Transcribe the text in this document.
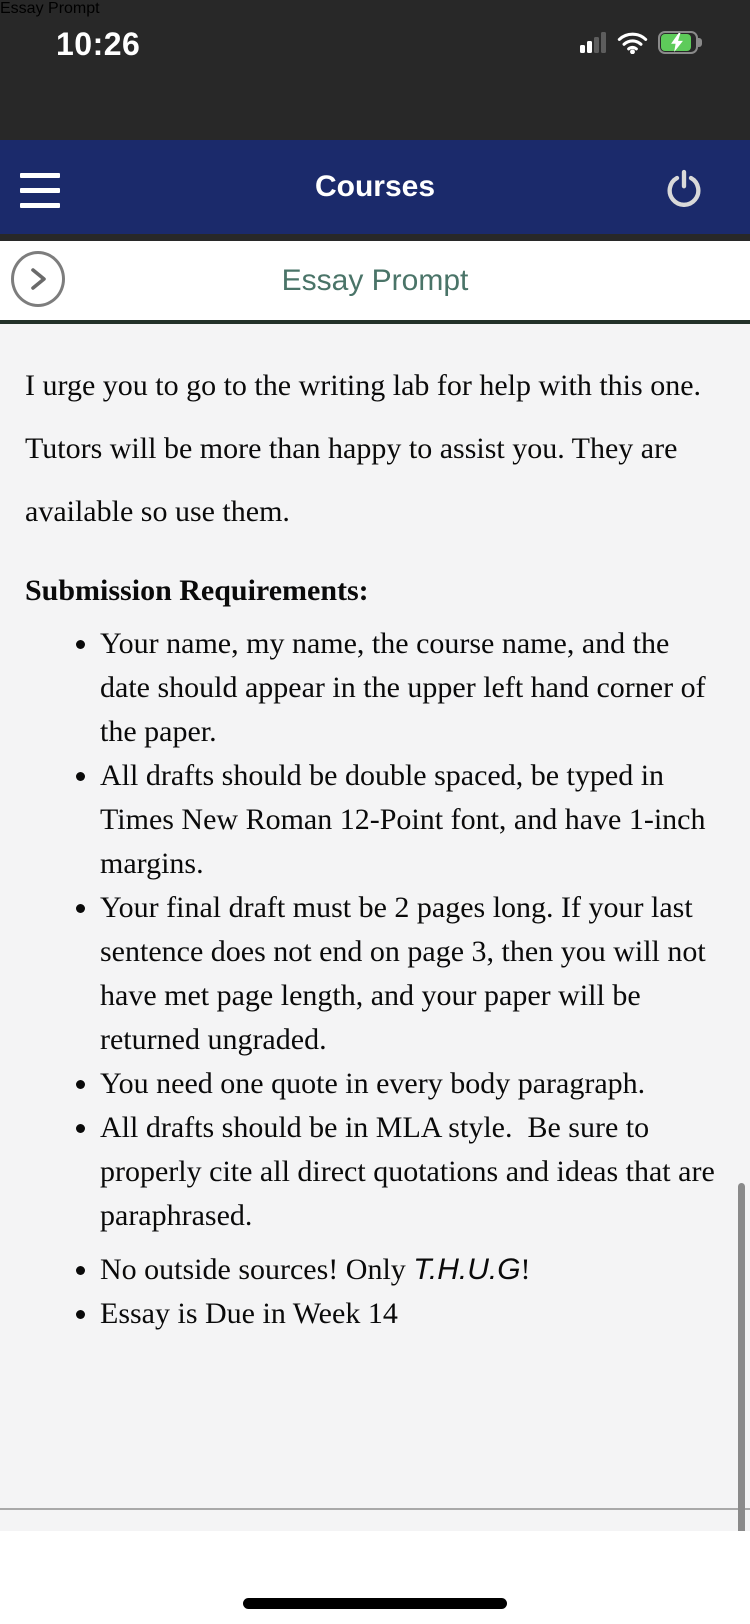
10:26
Essay Prompt
Courses
Essay Prompt

I urge you to go to the writing lab for help with this one. Tutors will be more than happy to assist you. They are available so use them.

Submission Requirements:

• Your name, my name, the course name, and the date should appear in the upper left hand corner of the paper.
• All drafts should be double spaced, be typed in Times New Roman 12-Point font, and have 1-inch margins.
• Your final draft must be 2 pages long. If your last sentence does not end on page 3, then you will not have met page length, and your paper will be returned ungraded.
• You need one quote in every body paragraph.
• All drafts should be in MLA style.  Be sure to properly cite all direct quotations and ideas that are paraphrased.
• No outside sources! Only T.H.U.G!
• Essay is Due in Week 14
